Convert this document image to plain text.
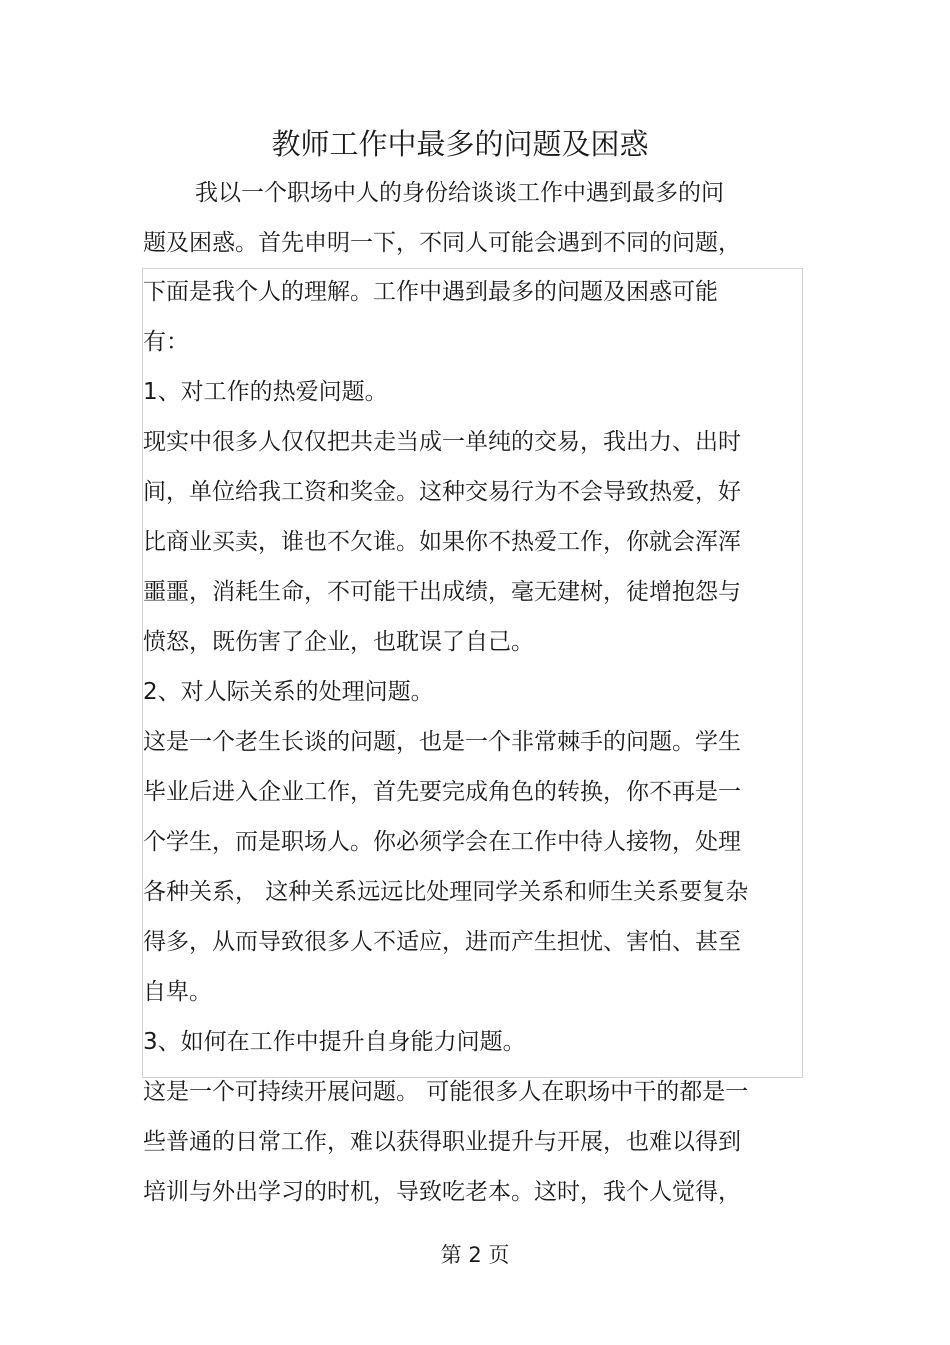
教师工作中最多的问题及困惑
我以一个职场中人的身份给谈谈工作中遇到最多的问
题及困惑。首先申明一下，不同人可能会遇到不同的问题，
下面是我个人的理解。工作中遇到最多的问题及困惑可能
有：
1、对工作的热爱问题。
现实中很多人仅仅把共走当成一单纯的交易，我出力、出时
间，单位给我工资和奖金。这种交易行为不会导致热爱，好
比商业买卖，谁也不欠谁。如果你不热爱工作，你就会浑浑
噩噩，消耗生命，不可能干出成绩，毫无建树，徒增抱怨与
愤怒，既伤害了企业，也耽误了自己。
2、对人际关系的处理问题。
这是一个老生长谈的问题，也是一个非常棘手的问题。学生
毕业后进入企业工作，首先要完成角色的转换，你不再是一
个学生，而是职场人。你必须学会在工作中待人接物，处理
各种关系， 这种关系远远比处理同学关系和师生关系要复杂
得多，从而导致很多人不适应，进而产生担忧、害怕、甚至
自卑。
3、如何在工作中提升自身能力问题。
这是一个可持续开展问题。 可能很多人在职场中干的都是一
些普通的日常工作，难以获得职业提升与开展，也难以得到
培训与外出学习的时机，导致吃老本。这时，我个人觉得，
第 2 页
